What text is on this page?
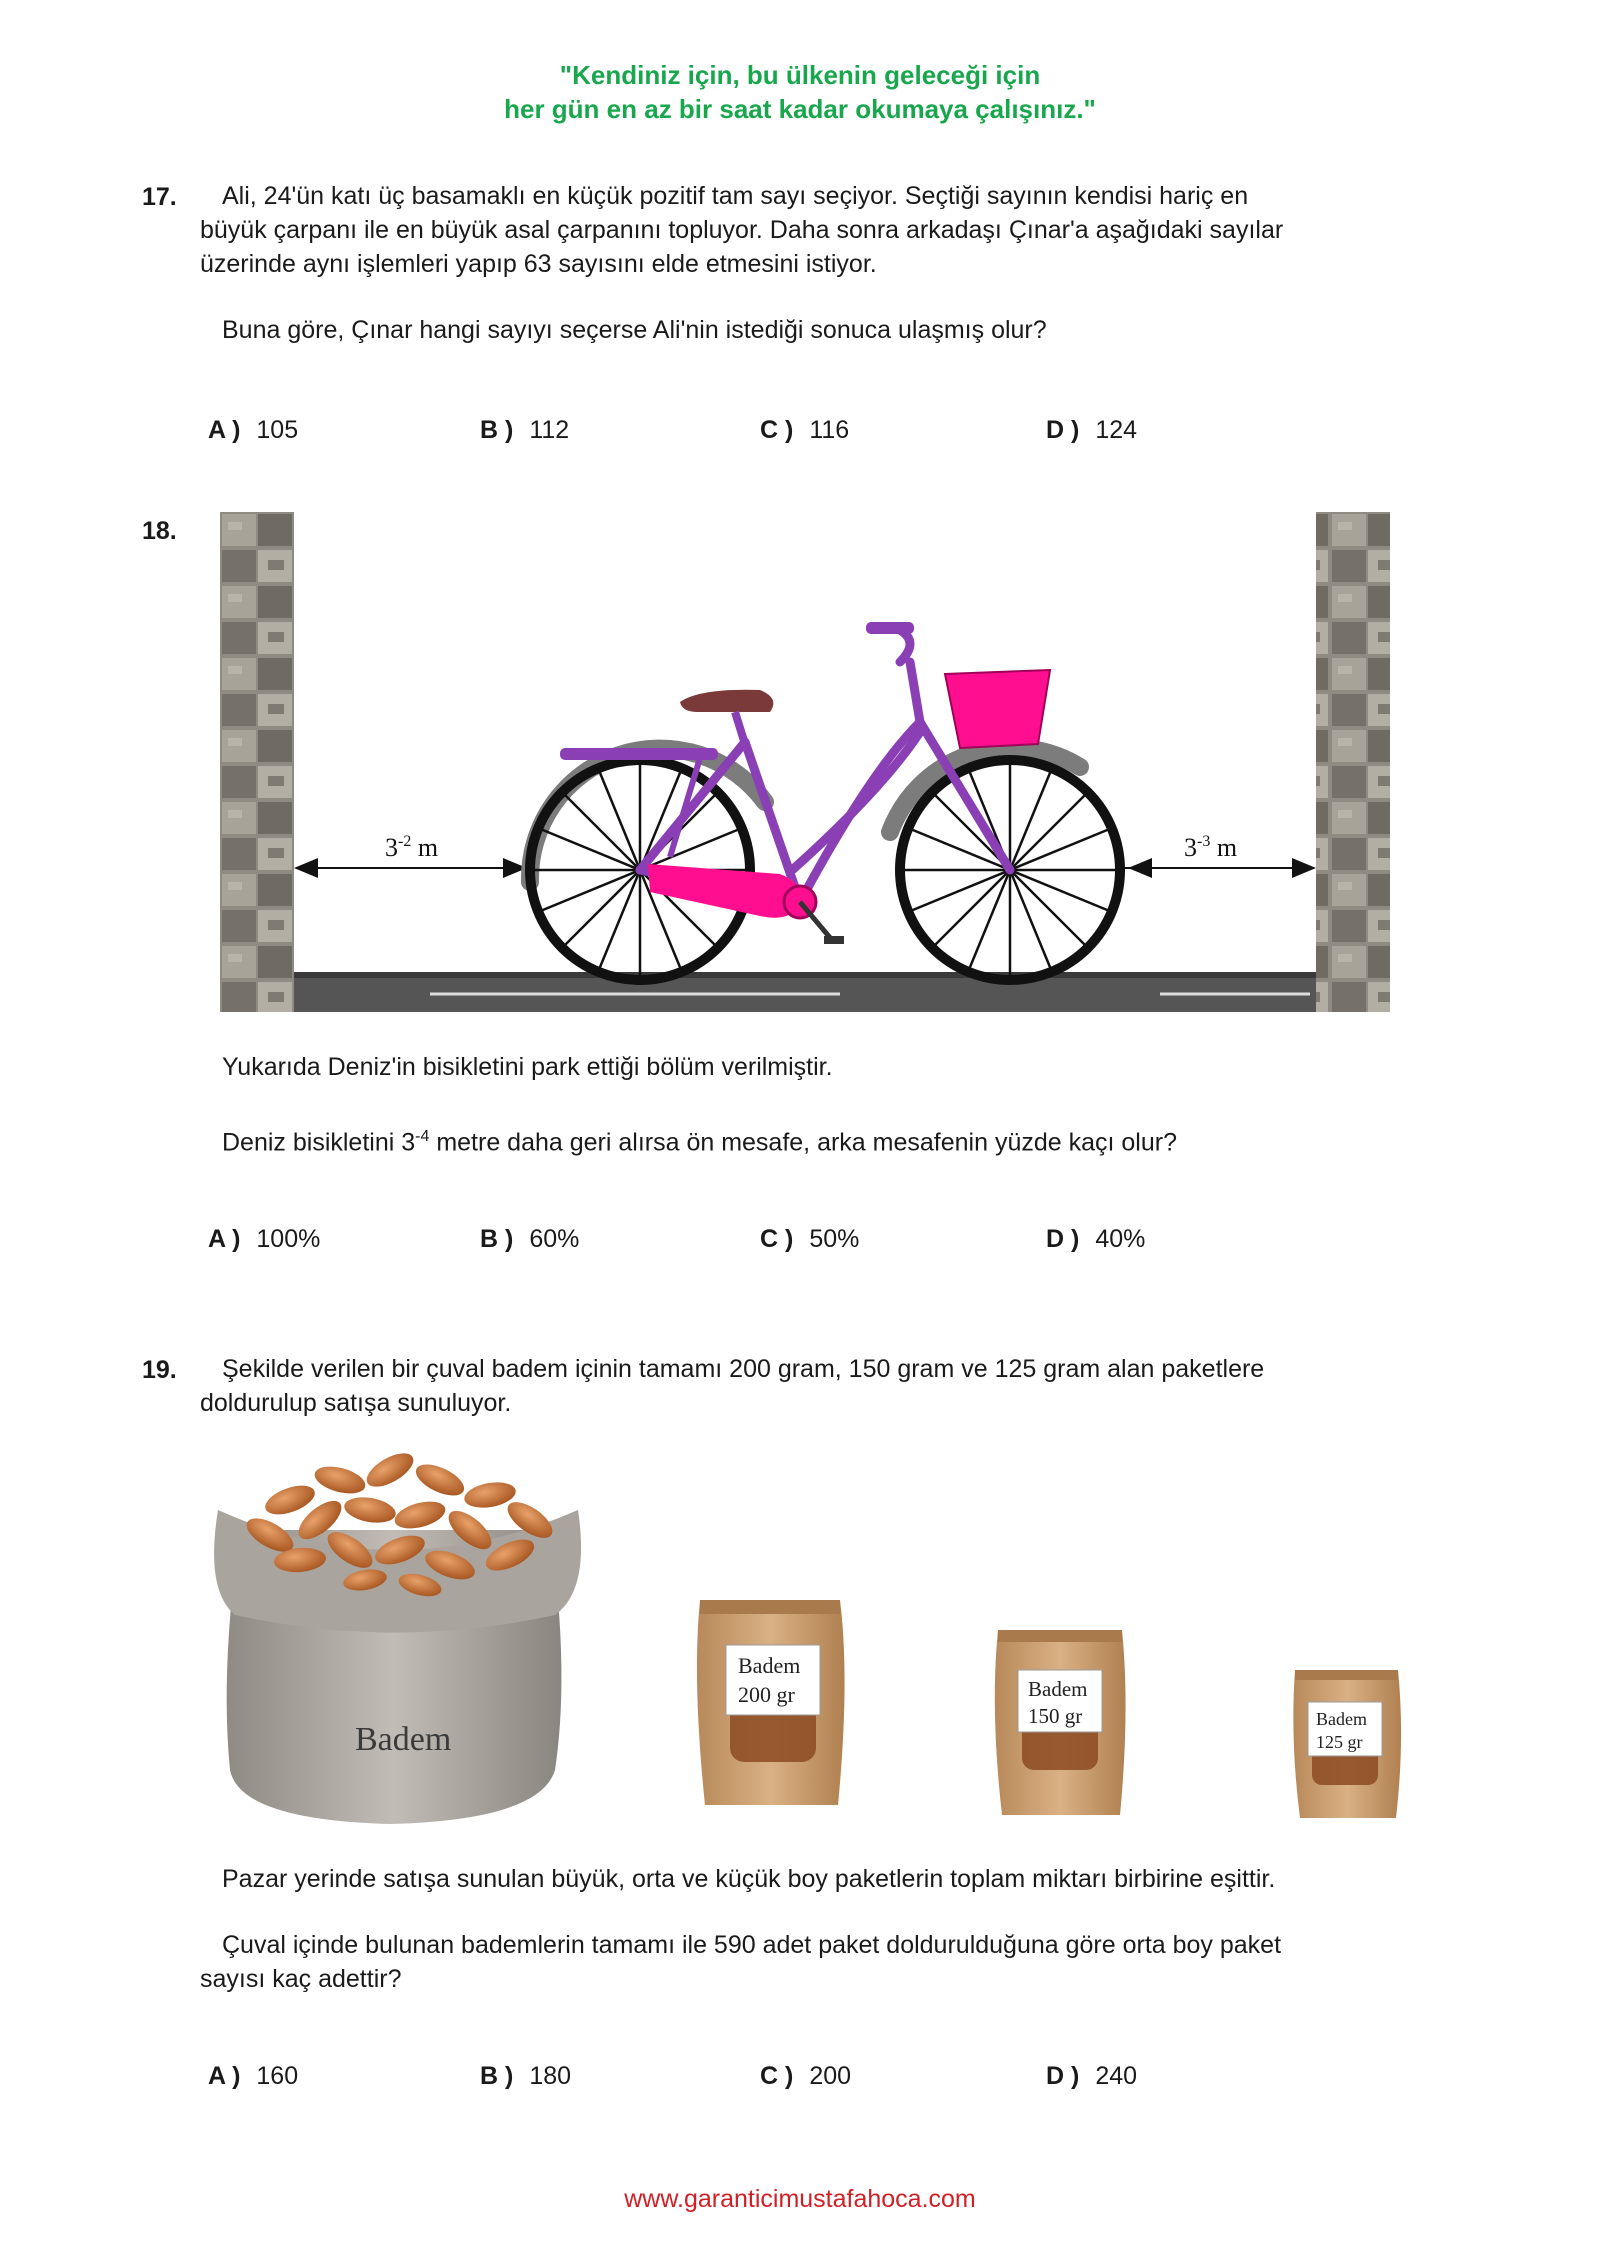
"Kendiniz için, bu ülkenin geleceği için
her gün en az bir saat kadar okumaya çalışınız."
17. Ali, 24'ün katı üç basamaklı en küçük pozitif tam sayı seçiyor. Seçtiği sayının kendisi hariç en
büyük çarpanı ile en büyük asal çarpanını topluyor. Daha sonra arkadaşı Çınar'a aşağıdaki sayılar
üzerinde aynı işlemleri yapıp 63 sayısını elde etmesini istiyor.
Buna göre, Çınar hangi sayıyı seçerse Ali'nin istediği sonuca ulaşmış olur?
A ) 105	B ) 112	C ) 116	D ) 124
18.
$3^{-2}$ m	$3^{-3}$ m
Yukarıda Deniz'in bisikletini park ettiği bölüm verilmiştir.
Deniz bisikletini $3^{-4}$ metre daha geri alırsa ön mesafe, arka mesafenin yüzde kaçı olur?
A ) 100%	B ) 60%	C ) 50%	D ) 40%
19. Şekilde verilen bir çuval badem içinin tamamı 200 gram, 150 gram ve 125 gram alan paketlere
doldurulup satışa sunuluyor.
Badem
Badem
200 gr	Badem
150 gr	Badem
125 gr
Pazar yerinde satışa sunulan büyük, orta ve küçük boy paketlerin toplam miktarı birbirine eşittir.
Çuval içinde bulunan bademlerin tamamı ile 590 adet paket doldurulduğuna göre orta boy paket
sayısı kaç adettir?
A ) 160	B ) 180	C ) 200	D ) 240
www.garanticimustafahoca.com
